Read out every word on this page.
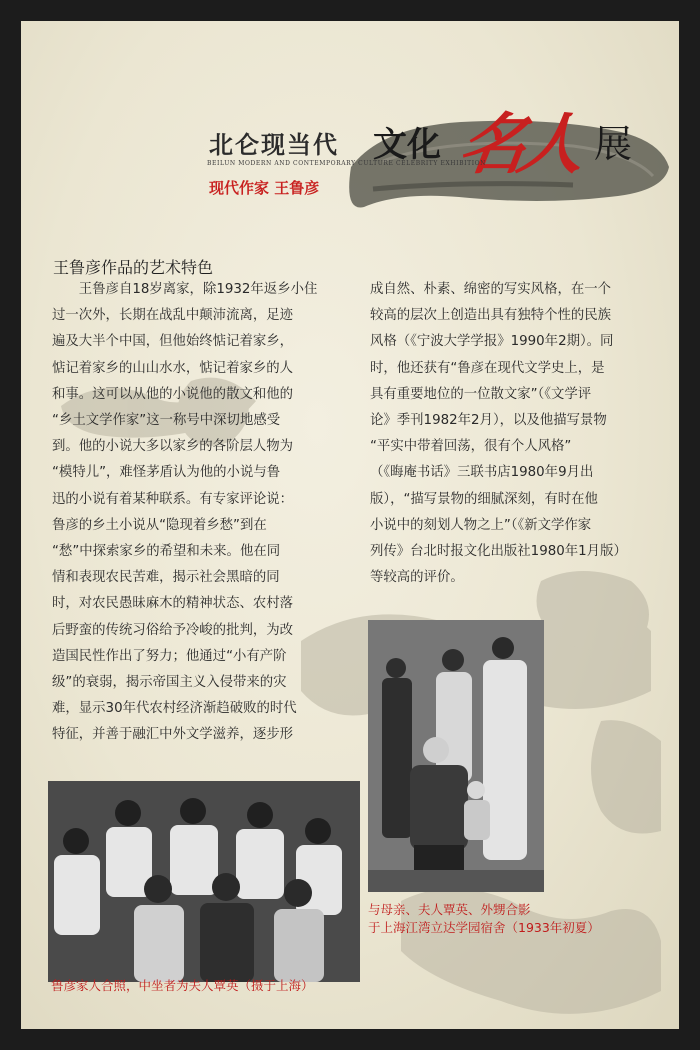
北仑现当代 文化 名人 展
BEILUN MODERN AND CONTEMPORARY CULTURE CELEBRITY EXHIBITION
现代作家 王鲁彦
王鲁彦作品的艺术特色
　　王鲁彦自18岁离家，除1932年返乡小住
过一次外，长期在战乱中颠沛流离，足迹
遍及大半个中国，但他始终惦记着家乡，
惦记着家乡的山山水水，惦记着家乡的人
和事。这可以从他的小说他的散文和他的
“乡土文学作家”这一称号中深切地感受
到。他的小说大多以家乡的各阶层人物为
“模特儿”，难怪茅盾认为他的小说与鲁
迅的小说有着某种联系。有专家评论说：
鲁彦的乡土小说从“隐现着乡愁”到在
“愁”中探索家乡的希望和未来。他在同
情和表现农民苦难，揭示社会黑暗的同
时，对农民愚昧麻木的精神状态、农村落
后野蛮的传统习俗给予冷峻的批判，为改
造国民性作出了努力；他通过“小有产阶
级”的衰弱，揭示帝国主义入侵带来的灾
难，显示30年代农村经济渐趋破败的时代
特征，并善于融汇中外文学滋养，逐步形
成自然、朴素、绵密的写实风格，在一个
较高的层次上创造出具有独特个性的民族
风格（《宁波大学学报》1990年2期）。同
时，他还获有“鲁彦在现代文学史上，是
具有重要地位的一位散文家”（《文学评
论》季刊1982年2月），以及他描写景物
“平实中带着回荡，很有个人风格”
（《晦庵书话》三联书店1980年9月出
版），“描写景物的细腻深刻，有时在他
小说中的刻划人物之上”（《新文学作家
列传》台北时报文化出版社1980年1月版）
等较高的评价。
与母亲、夫人覃英、外甥合影
于上海江湾立达学园宿舍（1933年初夏）
鲁彦家人合照，中坐者为夫人覃英（摄于上海）
